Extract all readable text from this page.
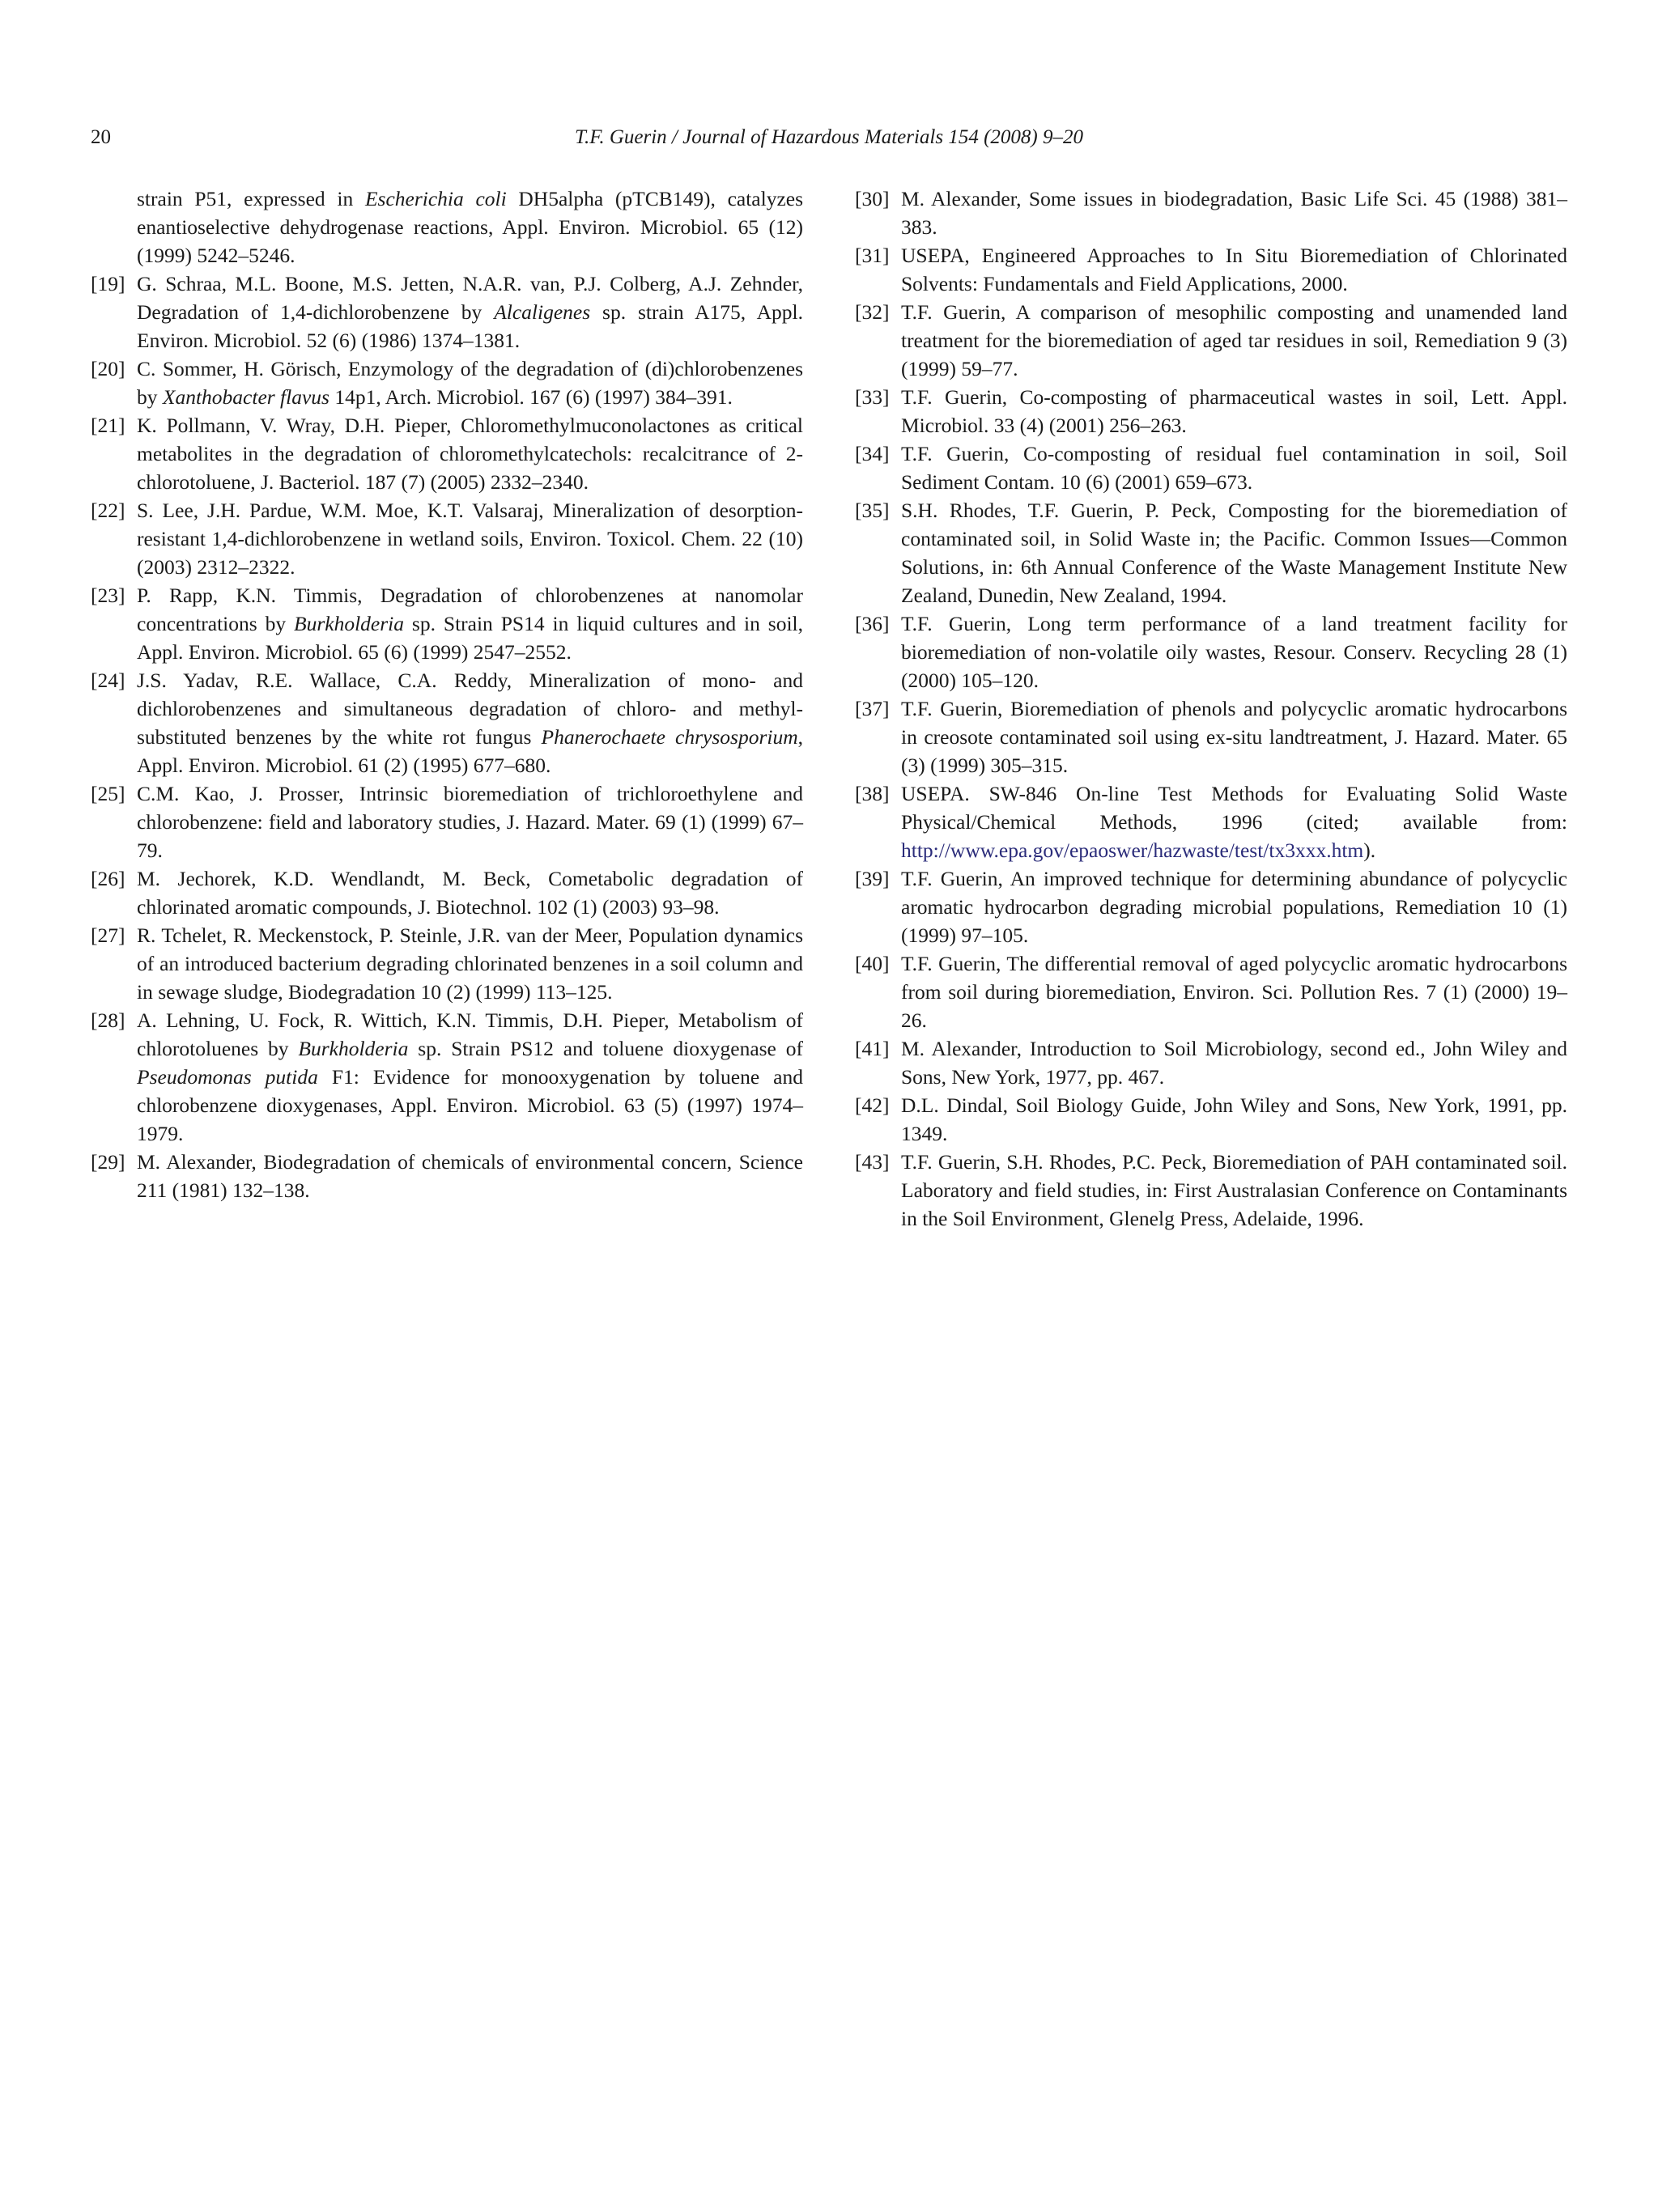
20	T.F. Guerin / Journal of Hazardous Materials 154 (2008) 9–20
strain P51, expressed in Escherichia coli DH5alpha (pTCB149), catalyzes enantioselective dehydrogenase reactions, Appl. Environ. Microbiol. 65 (12) (1999) 5242–5246.
[19] G. Schraa, M.L. Boone, M.S. Jetten, N.A.R. van, P.J. Colberg, A.J. Zehnder, Degradation of 1,4-dichlorobenzene by Alcaligenes sp. strain A175, Appl. Environ. Microbiol. 52 (6) (1986) 1374–1381.
[20] C. Sommer, H. Görisch, Enzymology of the degradation of (di)chlorobenzenes by Xanthobacter flavus 14p1, Arch. Microbiol. 167 (6) (1997) 384–391.
[21] K. Pollmann, V. Wray, D.H. Pieper, Chloromethylmuconolactones as critical metabolites in the degradation of chloromethylcatechols: recalcitrance of 2-chlorotoluene, J. Bacteriol. 187 (7) (2005) 2332–2340.
[22] S. Lee, J.H. Pardue, W.M. Moe, K.T. Valsaraj, Mineralization of desorption-resistant 1,4-dichlorobenzene in wetland soils, Environ. Toxicol. Chem. 22 (10) (2003) 2312–2322.
[23] P. Rapp, K.N. Timmis, Degradation of chlorobenzenes at nanomolar concentrations by Burkholderia sp. Strain PS14 in liquid cultures and in soil, Appl. Environ. Microbiol. 65 (6) (1999) 2547–2552.
[24] J.S. Yadav, R.E. Wallace, C.A. Reddy, Mineralization of mono- and dichlorobenzenes and simultaneous degradation of chloro- and methyl-substituted benzenes by the white rot fungus Phanerochaete chrysosporium, Appl. Environ. Microbiol. 61 (2) (1995) 677–680.
[25] C.M. Kao, J. Prosser, Intrinsic bioremediation of trichloroethylene and chlorobenzene: field and laboratory studies, J. Hazard. Mater. 69 (1) (1999) 67–79.
[26] M. Jechorek, K.D. Wendlandt, M. Beck, Cometabolic degradation of chlorinated aromatic compounds, J. Biotechnol. 102 (1) (2003) 93–98.
[27] R. Tchelet, R. Meckenstock, P. Steinle, J.R. van der Meer, Population dynamics of an introduced bacterium degrading chlorinated benzenes in a soil column and in sewage sludge, Biodegradation 10 (2) (1999) 113–125.
[28] A. Lehning, U. Fock, R. Wittich, K.N. Timmis, D.H. Pieper, Metabolism of chlorotoluenes by Burkholderia sp. Strain PS12 and toluene dioxygenase of Pseudomonas putida F1: Evidence for monooxygenation by toluene and chlorobenzene dioxygenases, Appl. Environ. Microbiol. 63 (5) (1997) 1974–1979.
[29] M. Alexander, Biodegradation of chemicals of environmental concern, Science 211 (1981) 132–138.
[30] M. Alexander, Some issues in biodegradation, Basic Life Sci. 45 (1988) 381–383.
[31] USEPA, Engineered Approaches to In Situ Bioremediation of Chlorinated Solvents: Fundamentals and Field Applications, 2000.
[32] T.F. Guerin, A comparison of mesophilic composting and unamended land treatment for the bioremediation of aged tar residues in soil, Remediation 9 (3) (1999) 59–77.
[33] T.F. Guerin, Co-composting of pharmaceutical wastes in soil, Lett. Appl. Microbiol. 33 (4) (2001) 256–263.
[34] T.F. Guerin, Co-composting of residual fuel contamination in soil, Soil Sediment Contam. 10 (6) (2001) 659–673.
[35] S.H. Rhodes, T.F. Guerin, P. Peck, Composting for the bioremediation of contaminated soil, in Solid Waste in; the Pacific. Common Issues—Common Solutions, in: 6th Annual Conference of the Waste Management Institute New Zealand, Dunedin, New Zealand, 1994.
[36] T.F. Guerin, Long term performance of a land treatment facility for bioremediation of non-volatile oily wastes, Resour. Conserv. Recycling 28 (1) (2000) 105–120.
[37] T.F. Guerin, Bioremediation of phenols and polycyclic aromatic hydrocarbons in creosote contaminated soil using ex-situ landtreatment, J. Hazard. Mater. 65 (3) (1999) 305–315.
[38] USEPA. SW-846 On-line Test Methods for Evaluating Solid Waste Physical/Chemical Methods, 1996 (cited; available from: http://www.epa.gov/epaoswer/hazwaste/test/tx3xxx.htm).
[39] T.F. Guerin, An improved technique for determining abundance of polycyclic aromatic hydrocarbon degrading microbial populations, Remediation 10 (1) (1999) 97–105.
[40] T.F. Guerin, The differential removal of aged polycyclic aromatic hydrocarbons from soil during bioremediation, Environ. Sci. Pollution Res. 7 (1) (2000) 19–26.
[41] M. Alexander, Introduction to Soil Microbiology, second ed., John Wiley and Sons, New York, 1977, pp. 467.
[42] D.L. Dindal, Soil Biology Guide, John Wiley and Sons, New York, 1991, pp. 1349.
[43] T.F. Guerin, S.H. Rhodes, P.C. Peck, Bioremediation of PAH contaminated soil. Laboratory and field studies, in: First Australasian Conference on Contaminants in the Soil Environment, Glenelg Press, Adelaide, 1996.
